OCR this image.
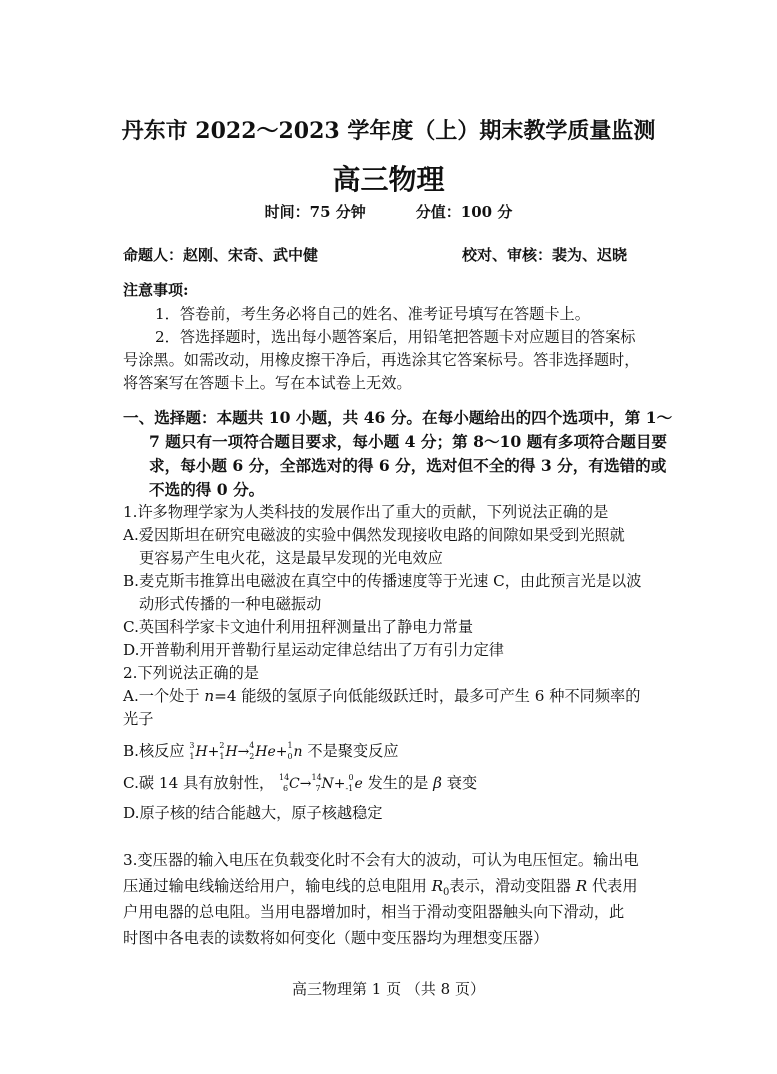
丹东市 2022～2023 学年度（上）期末教学质量监测
高三物理
时间：75 分钟	分值：100 分
命题人：赵刚、宋奇、武中健	校对、审核：裴为、迟晓
注意事项:
1．答卷前，考生务必将自己的姓名、准考证号填写在答题卡上。
2．答选择题时，选出每小题答案后，用铅笔把答题卡对应题目的答案标
号涂黑。如需改动，用橡皮擦干净后，再选涂其它答案标号。答非选择题时，
将答案写在答题卡上。写在本试卷上无效。
一、选择题：本题共 10 小题，共 46 分。在每小题给出的四个选项中，第 1～
7 题只有一项符合题目要求，每小题 4 分；第 8～10 题有多项符合题目要
求，每小题 6 分，全部选对的得 6 分，选对但不全的得 3 分，有选错的或
不选的得 0 分。
1.许多物理学家为人类科技的发展作出了重大的贡献，下列说法正确的是
A.爱因斯坦在研究电磁波的实验中偶然发现接收电路的间隙如果受到光照就
更容易产生电火花，这是最早发现的光电效应
B.麦克斯韦推算出电磁波在真空中的传播速度等于光速 C，由此预言光是以波
动形式传播的一种电磁振动
C.英国科学家卡文迪什利用扭秤测量出了静电力常量
D.开普勒利用开普勒行星运动定律总结出了万有引力定律
2.下列说法正确的是
A.一个处于 n=4 能级的氢原子向低能级跃迁时，最多可产生 6 种不同频率的
光子
B.核反应 3
1 H+ 2
1 H→ 4
2 He+ 1
0 n 不是聚变反应
C.碳 14 具有放射性， 14
6 C→ 14
7 N+ 0
-1 e 发生的是 β 衰变
D.原子核的结合能越大，原子核越稳定
3.变压器的输入电压在负载变化时不会有大的波动，可认为电压恒定。输出电
压通过输电线输送给用户，输电线的总电阻用 $R_0$表示，滑动变阻器 R 代表用
户用电器的总电阻。当用电器增加时，相当于滑动变阻器触头向下滑动，此
时图中各电表的读数将如何变化（题中变压器均为理想变压器）
高三物理第 1 页 （共 8 页）
